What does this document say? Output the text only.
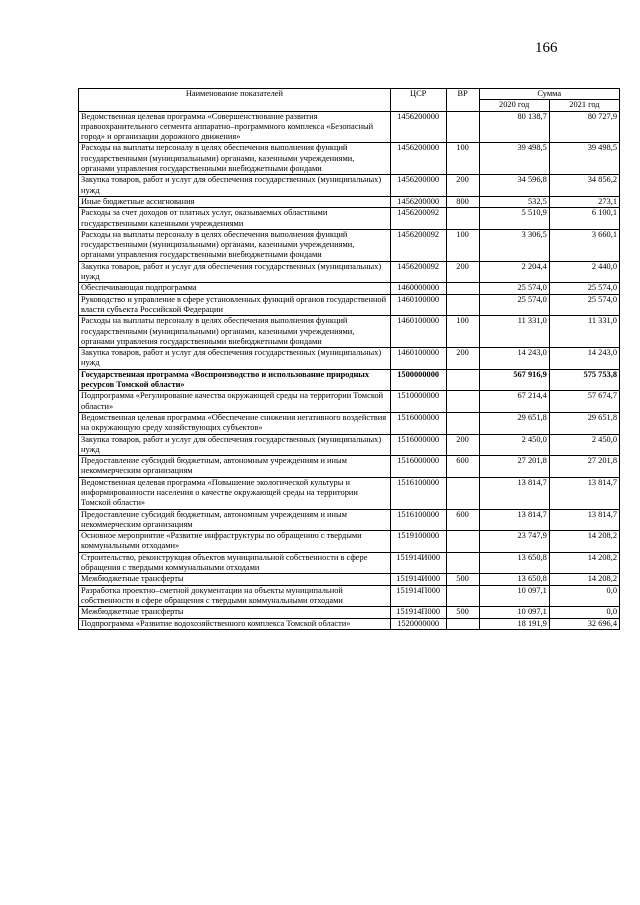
166
Наименование показателей	ЦСР	ВР	Сумма	
			2020 год	2021 год
Ведомственная целевая программа «Совершенствование развития правоохранительного сегмента аппаратно–программного комплекса «Безопасный город» и организации дорожного движения»	1456200000		80 138,7	80 727,9
Расходы на выплаты персоналу в целях обеспечения выполнения функций государственными (муниципальными) органами, казенными учреждениями, органами управления государственными внебюджетными фондами	1456200000	100	39 498,5	39 498,5
Закупка товаров, работ и услуг для обеспечения государственных (муниципальных) нужд	1456200000	200	34 596,8	34 856,2
Иные бюджетные ассигнования	1456200000	800	532,5	273,1
Расходы за счет доходов от платных услуг, оказываемых областными государственными казенными учреждениями	1456200092		5 510,9	6 100,1
Расходы на выплаты персоналу в целях обеспечения выполнения функций государственными (муниципальными) органами, казенными учреждениями, органами управления государственными внебюджетными фондами	1456200092	100	3 306,5	3 660,1
Закупка товаров, работ и услуг для обеспечения государственных (муниципальных) нужд	1456200092	200	2 204,4	2 440,0
Обеспечивающая подпрограмма	1460000000		25 574,0	25 574,0
Руководство и управление в сфере установленных функций органов государственной власти субъекта Российской Федерации	1460100000		25 574,0	25 574,0
Расходы на выплаты персоналу в целях обеспечения выполнения функций государственными (муниципальными) органами, казенными учреждениями, органами управления государственными внебюджетными фондами	1460100000	100	11 331,0	11 331,0
Закупка товаров, работ и услуг для обеспечения государственных (муниципальных) нужд	1460100000	200	14 243,0	14 243,0
Государственная программа «Воспроизводство и использование природных ресурсов Томской области»	1500000000		567 916,9	575 753,8
Подпрограмма «Регулирование качества окружающей среды на территории Томской области»	1510000000		67 214,4	57 674,7
Ведомственная целевая программа «Обеспечение снижения негативного воздействия на окружающую среду хозяйствующих субъектов»	1516000000		29 651,8	29 651,8
Закупка товаров, работ и услуг для обеспечения государственных (муниципальных) нужд	1516000000	200	2 450,0	2 450,0
Предоставление субсидий бюджетным, автономным учреждениям и иным некоммерческим организациям	1516000000	600	27 201,8	27 201,8
Ведомственная целевая программа «Повышение экологической культуры и информированности населения о качестве окружающей среды на территории Томской области»	1516100000		13 814,7	13 814,7
Предоставление субсидий бюджетным, автономным учреждениям и иным некоммерческим организациям	1516100000	600	13 814,7	13 814,7
Основное мероприятие «Развитие инфраструктуры по обращению с твердыми коммунальными отходами»	1519100000		23 747,9	14 208,2
Строительство, реконструкция объектов муниципальной собственности в сфере обращения с твердыми коммунальными отходами	151914И000		13 650,8	14 208,2
Межбюджетные трансферты	151914И000	500	13 650,8	14 208,2
Разработка проектно–сметной документации на объекты муниципальной собственности в сфере обращения с твердыми коммунальными отходами	151914П000		10 097,1	0,0
Межбюджетные трансферты	151914П000	500	10 097,1	0,0
Подпрограмма «Развитие водохозяйственного комплекса Томской области»	1520000000		18 191,9	32 696,4
